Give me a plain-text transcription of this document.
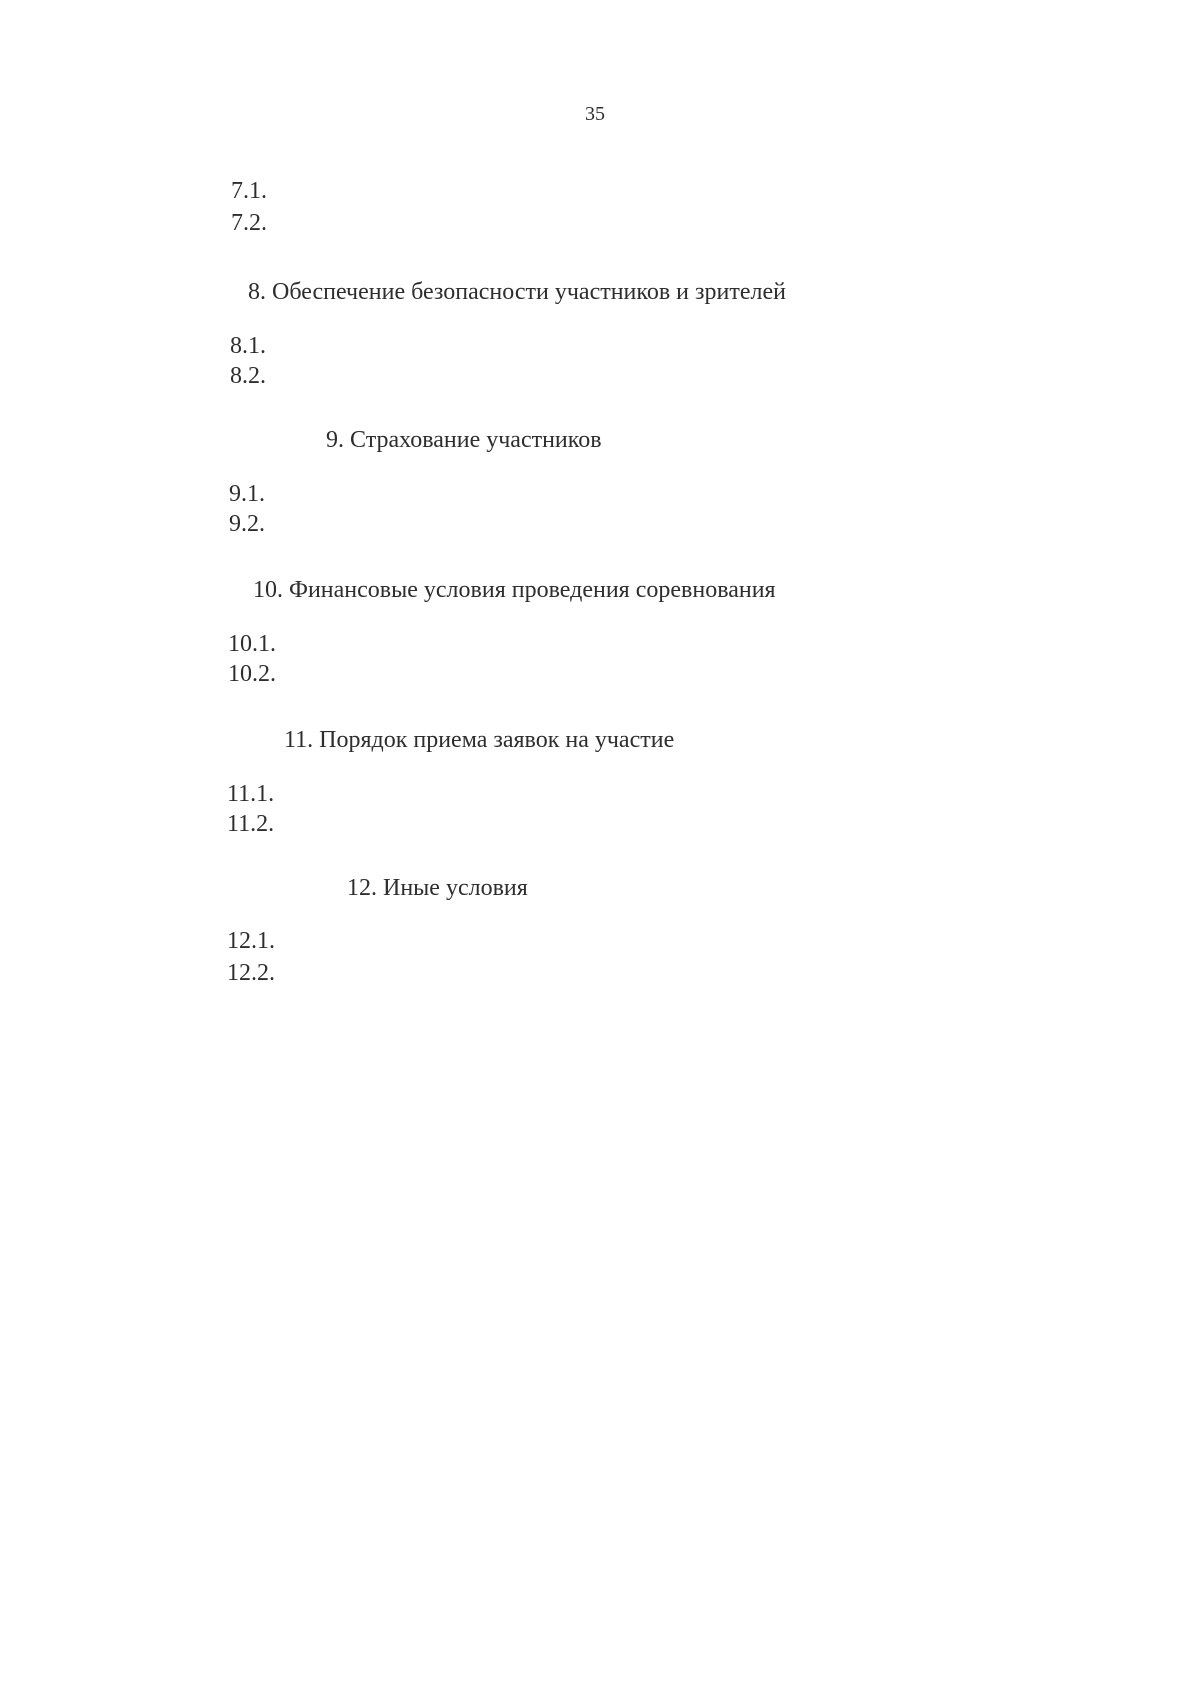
35
7.1.
7.2.
8. Обеспечение безопасности участников и зрителей
8.1.
8.2.
9. Страхование участников
9.1.
9.2.
10. Финансовые условия проведения соревнования
10.1.
10.2.
11. Порядок приема заявок на участие
11.1.
11.2.
12. Иные условия
12.1.
12.2.
